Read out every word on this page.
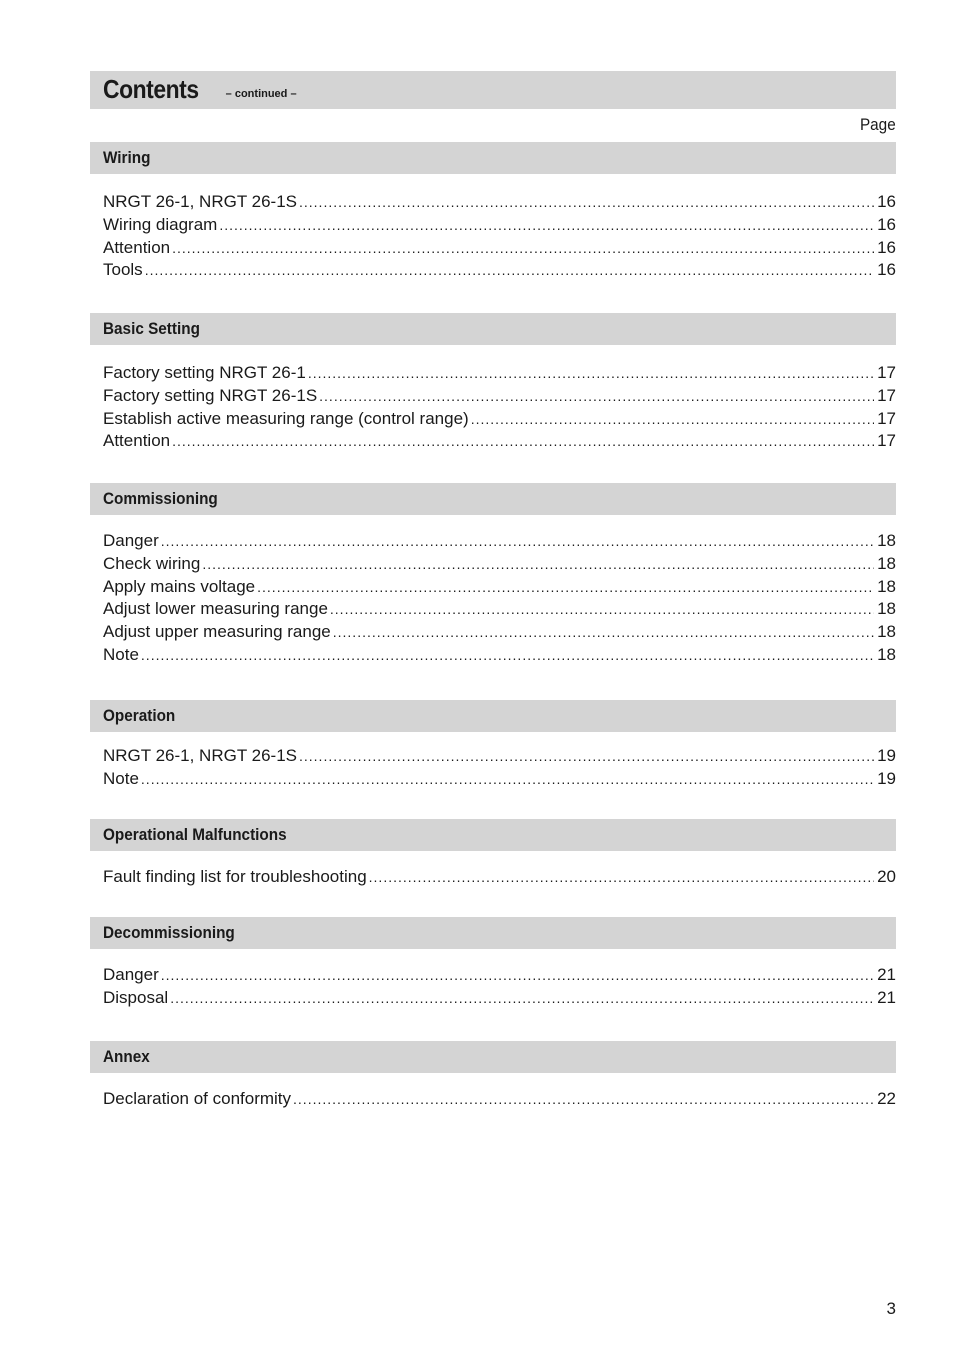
Contents – continued –
Page
Wiring
NRGT 26-1, NRGT 26-1S .....	16
Wiring diagram .....	16
Attention .....	16
Tools .....	16
Basic Setting
Factory setting NRGT 26-1 .....	17
Factory setting NRGT 26-1S .....	17
Establish active measuring range (control range) .....	17
Attention .....	17
Commissioning
Danger .....	18
Check wiring .....	18
Apply mains voltage .....	18
Adjust lower measuring range .....	18
Adjust upper measuring range .....	18
Note .....	18
Operation
NRGT 26-1, NRGT 26-1S .....	19
Note .....	19
Operational Malfunctions
Fault finding list for troubleshooting .....	20
Decommissioning
Danger .....	21
Disposal .....	21
Annex
Declaration of conformity .....	22
3
